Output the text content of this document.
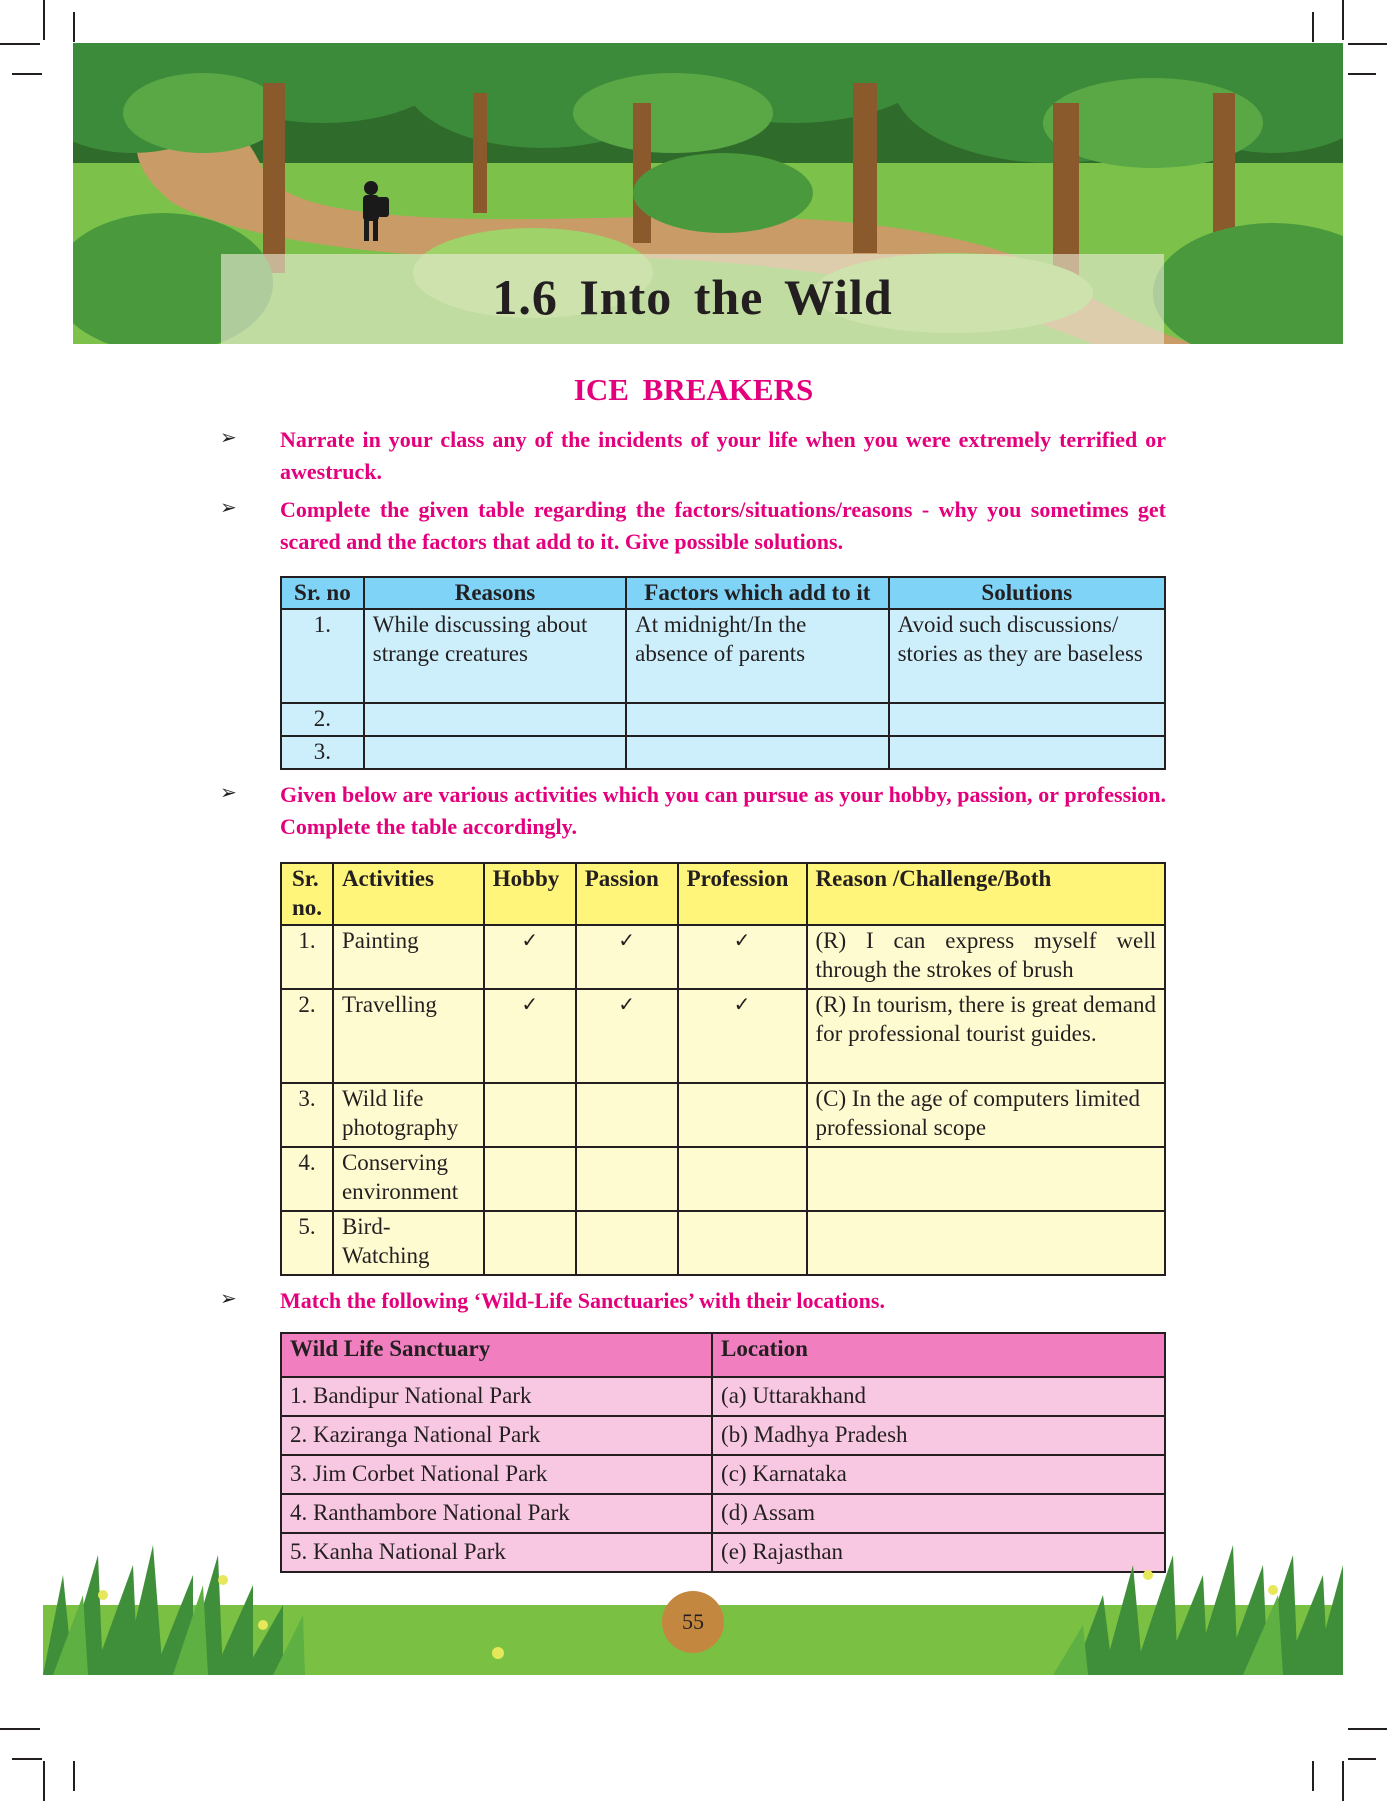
1.6 Into the Wild
ICE BREAKERS
➢ Narrate in your class any of the incidents of your life when you were extremely terrified or awestruck.
➢ Complete the given table regarding the factors/situations/reasons - why you sometimes get scared and the factors that add to it. Give possible solutions.
Sr. no	Reasons	Factors which add to it	Solutions
1.	While discussing about strange creatures	At midnight/In the absence of parents	Avoid such discussions/ stories as they are baseless
2.			
3.			
➢ Given below are various activities which you can pursue as your hobby, passion, or profession. Complete the table accordingly.
Sr. no.	Activities	Hobby	Passion	Profession	Reason /Challenge/Both
1.	Painting	✓	✓	✓	(R) I can express myself well through the strokes of brush
2.	Travelling	✓	✓	✓	(R) In tourism, there is great demand for professional tourist guides.
3.	Wild life photography				(C) In the age of computers limited professional scope
4.	Conserving environment				
5.	Bird-Watching				
➢ Match the following ‘Wild-Life Sanctuaries’ with their locations.
Wild Life Sanctuary	Location
1. Bandipur National Park	(a) Uttarakhand
2. Kaziranga National Park	(b) Madhya Pradesh
3. Jim Corbet National Park	(c) Karnataka
4. Ranthambore National Park	(d) Assam
5. Kanha National Park	(e) Rajasthan
55
